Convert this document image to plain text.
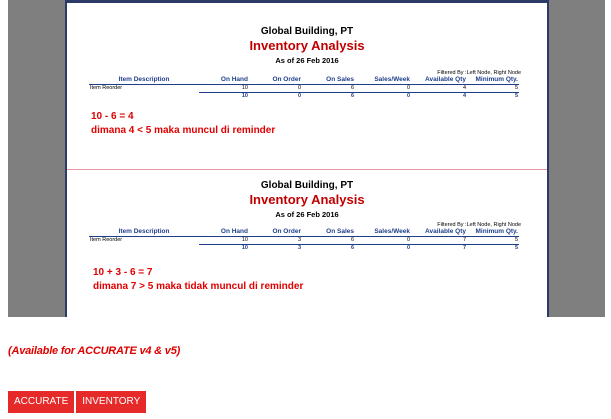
Global Building, PT
Inventory Analysis
As of 26 Feb 2016
Filtered By :Left Node, Right Node
Item Description	On Hand	On Order	On Sales	Sales/Week	Available Qty	Minimum Qty.
Item Reorder	10	0	6	0	4	5
	10	0	6	0	4	5
10 - 6 = 4
dimana 4 < 5 maka muncul di reminder
Global Building, PT
Inventory Analysis
As of 26 Feb 2016
Filtered By :Left Node, Right Node
Item Description	On Hand	On Order	On Sales	Sales/Week	Available Qty	Minimum Qty.
Item Reorder	10	3	6	0	7	5
	10	3	6	0	7	5
10 + 3 - 6 = 7
dimana 7 > 5 maka tidak muncul di reminder
(Available for ACCURATE v4 & v5)
ACCURATE	INVENTORY
